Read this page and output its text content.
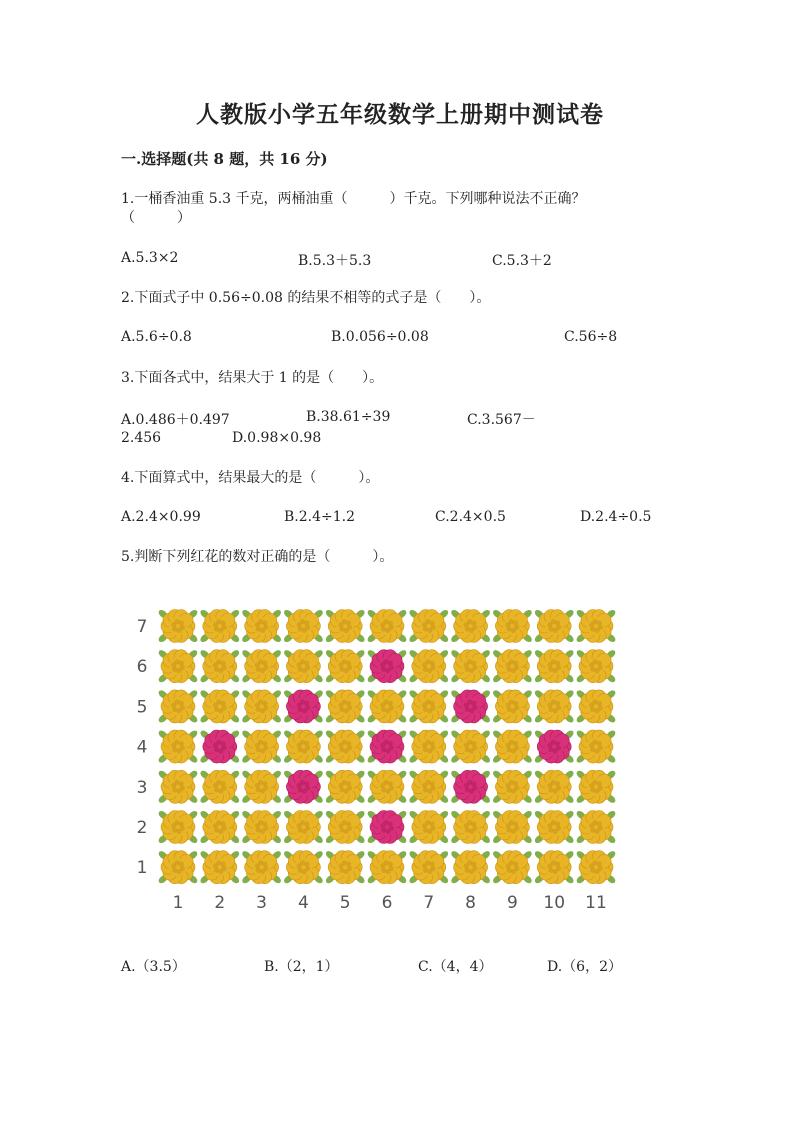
人教版小学五年级数学上册期中测试卷
一.选择题(共 8 题，共 16 分)
1.一桶香油重 5.3 千克，两桶油重（　　　）千克。下列哪种说法不正确？
（　　　）
A.5.3×2	B.5.3＋5.3	C.5.3＋2
2.下面式子中 0.56÷0.08 的结果不相等的式子是（　　）。
A.5.6÷0.8	B.0.056÷0.08	C.56÷8
3.下面各式中，结果大于 1 的是（　　）。
A.0.486＋0.497	B.38.61÷39	C.3.567－
2.456	D.0.98×0.98
4.下面算式中，结果最大的是（　　　）。
A.2.4×0.99	B.2.4÷1.2	C.2.4×0.5	D.2.4÷0.5
5.判断下列红花的数对正确的是（　　　）。
7
6
5
4
3
2
1
1 2 3 4 5 6 7 8 9 10 11
A.（3.5）	B.（2，1）	C.（4，4）	D.（6，2）
